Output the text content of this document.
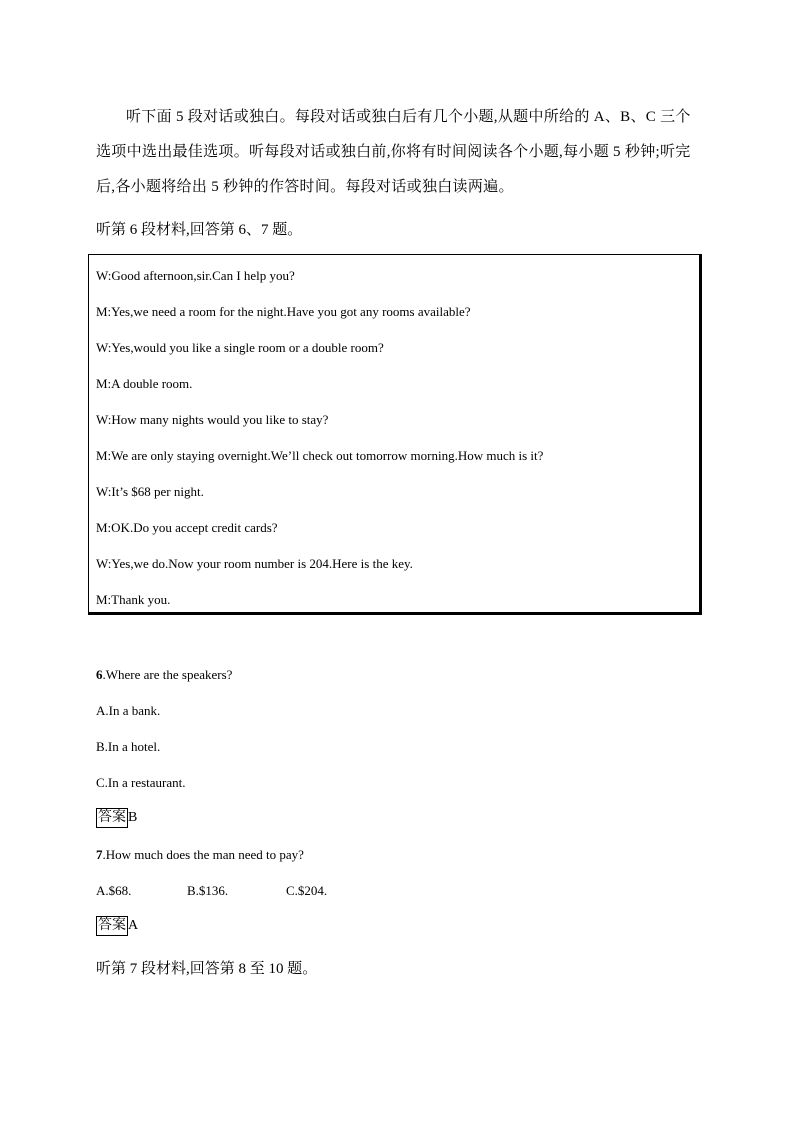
听下面 5 段对话或独白。每段对话或独白后有几个小题,从题中所给的 A、B、C 三个选项中选出最佳选项。听每段对话或独白前,你将有时间阅读各个小题,每小题 5 秒钟;听完后,各小题将给出 5 秒钟的作答时间。每段对话或独白读两遍。

听第 6 段材料,回答第 6、7 题。

W:Good afternoon,sir.Can I help you?
M:Yes,we need a room for the night.Have you got any rooms available?
W:Yes,would you like a single room or a double room?
M:A double room.
W:How many nights would you like to stay?
M:We are only staying overnight.We’ll check out tomorrow morning.How much is it?
W:It’s $68 per night.
M:OK.Do you accept credit cards?
W:Yes,we do.Now your room number is 204.Here is the key.
M:Thank you.
6.Where are the speakers?
A.In a bank.
B.In a hotel.
C.In a restaurant.
答案 B
7.How much does the man need to pay?
A.$68.	B.$136.	C.$204.
答案 A

听第 7 段材料,回答第 8 至 10 题。
